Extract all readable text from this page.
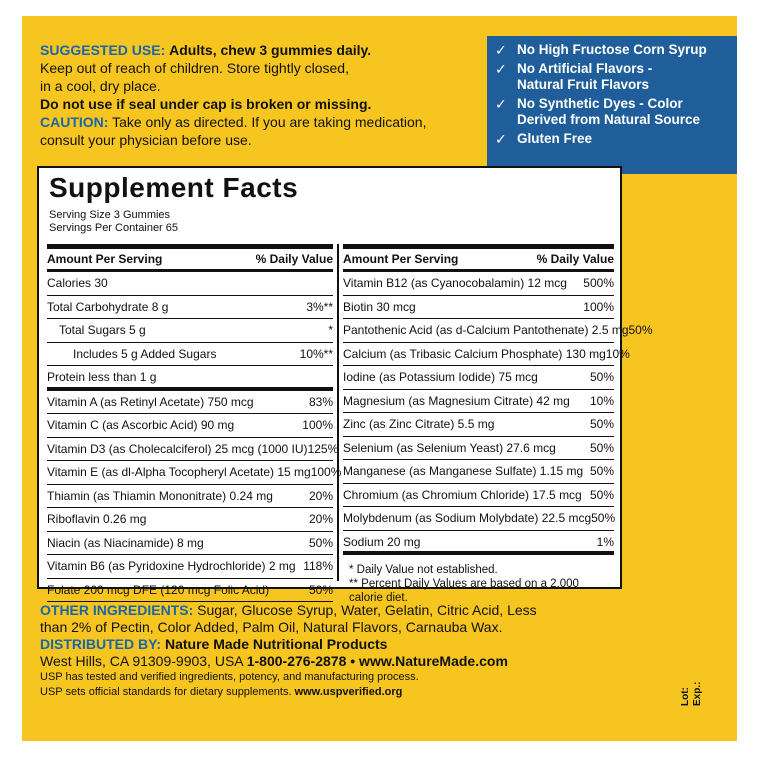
SUGGESTED USE: Adults, chew 3 gummies daily.
Keep out of reach of children. Store tightly closed,
in a cool, dry place.
Do not use if seal under cap is broken or missing.
CAUTION: Take only as directed. If you are taking medication,
consult your physician before use.
✓ No High Fructose Corn Syrup
✓ No Artificial Flavors -
Natural Fruit Flavors
✓ No Synthetic Dyes - Color
Derived from Natural Source
✓ Gluten Free
Supplement Facts
Serving Size 3 Gummies
Servings Per Container 65
Amount Per Serving	% Daily Value
Calories 30
Total Carbohydrate 8 g	3%**
Total Sugars 5 g	*
Includes 5 g Added Sugars	10%**
Protein less than 1 g
Vitamin A (as Retinyl Acetate) 750 mcg	83%
Vitamin C (as Ascorbic Acid) 90 mg	100%
Vitamin D3 (as Cholecalciferol) 25 mcg (1000 IU) 125%
Vitamin E (as dl-Alpha Tocopheryl Acetate) 15 mg 100%
Thiamin (as Thiamin Mononitrate) 0.24 mg	20%
Riboflavin 0.26 mg	20%
Niacin (as Niacinamide) 8 mg	50%
Vitamin B6 (as Pyridoxine Hydrochloride) 2 mg 118%
Folate 200 mcg DFE (120 mcg Folic Acid)	50%
Amount Per Serving	% Daily Value
Vitamin B12 (as Cyanocobalamin) 12 mcg 500%
Biotin 30 mcg	100%
Pantothenic Acid (as d-Calcium Pantothenate) 2.5 mg 50%
Calcium (as Tribasic Calcium Phosphate) 130 mg 10%
Iodine (as Potassium Iodide) 75 mcg	50%
Magnesium (as Magnesium Citrate) 42 mg 10%
Zinc (as Zinc Citrate) 5.5 mg	50%
Selenium (as Selenium Yeast) 27.6 mcg	50%
Manganese (as Manganese Sulfate) 1.15 mg 50%
Chromium (as Chromium Chloride) 17.5 mcg 50%
Molybdenum (as Sodium Molybdate) 22.5 mcg 50%
Sodium 20 mg	1%
* Daily Value not established.
** Percent Daily Values are based on a 2,000 calorie diet.
OTHER INGREDIENTS: Sugar, Glucose Syrup, Water, Gelatin, Citric Acid, Less
than 2% of Pectin, Color Added, Palm Oil, Natural Flavors, Carnauba Wax.
DISTRIBUTED BY: Nature Made Nutritional Products
West Hills, CA 91309-9903, USA 1-800-276-2878 • www.NatureMade.com
USP has tested and verified ingredients, potency, and manufacturing process.
USP sets official standards for dietary supplements. www.uspverified.org	Lot: Exp.:
